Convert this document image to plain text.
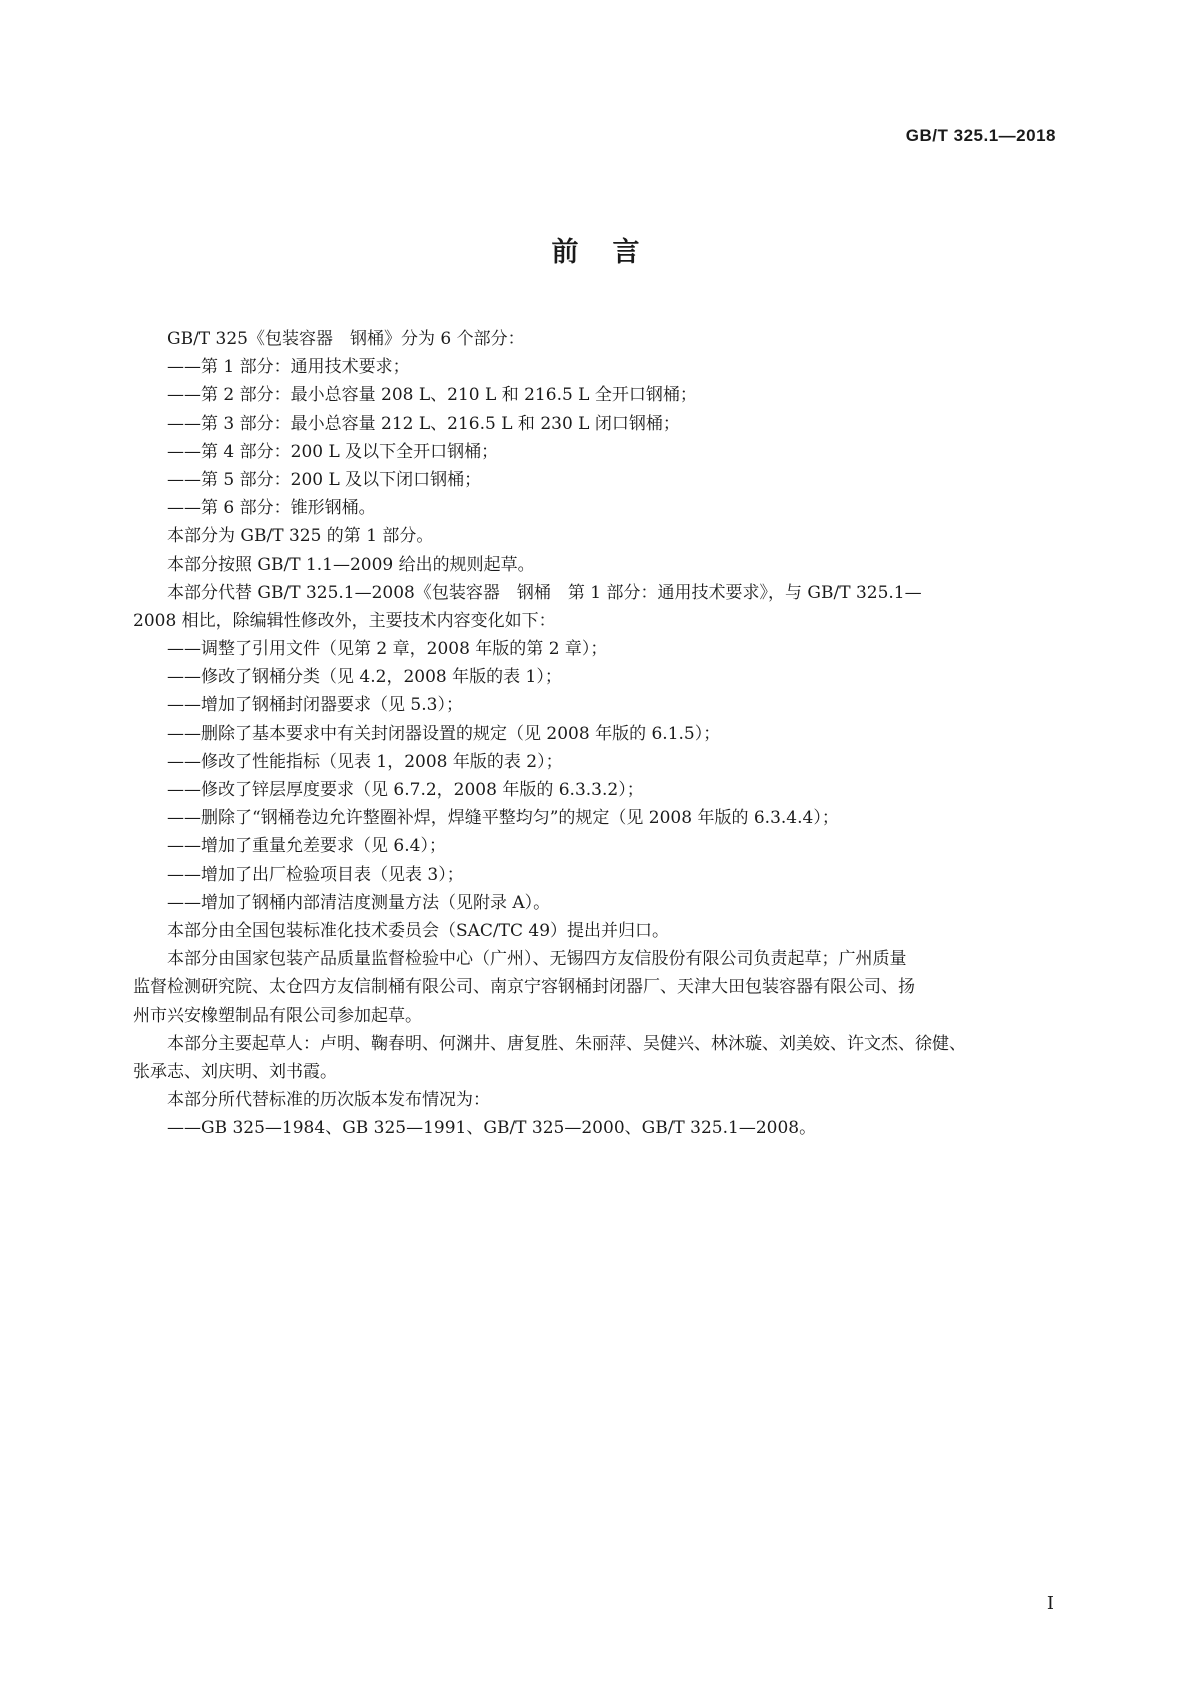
GB/T 325.1—2018
前言

GB/T 325《包装容器　钢桶》分为 6 个部分：

——第 1 部分：通用技术要求；

——第 2 部分：最小总容量 208 L、210 L 和 216.5 L 全开口钢桶；

——第 3 部分：最小总容量 212 L、216.5 L 和 230 L 闭口钢桶；

——第 4 部分：200 L 及以下全开口钢桶；

——第 5 部分：200 L 及以下闭口钢桶；

——第 6 部分：锥形钢桶。

本部分为 GB/T 325 的第 1 部分。

本部分按照 GB/T 1.1—2009 给出的规则起草。

本部分代替 GB/T 325.1—2008《包装容器　钢桶　第 1 部分：通用技术要求》，与 GB/T 325.1—

2008 相比，除编辑性修改外，主要技术内容变化如下：

——调整了引用文件（见第 2 章，2008 年版的第 2 章）；

——修改了钢桶分类（见 4.2，2008 年版的表 1）；

——增加了钢桶封闭器要求（见 5.3）；

——删除了基本要求中有关封闭器设置的规定（见 2008 年版的 6.1.5）；

——修改了性能指标（见表 1，2008 年版的表 2）；

——修改了锌层厚度要求（见 6.7.2，2008 年版的 6.3.3.2）；

——删除了“钢桶卷边允许整圈补焊，焊缝平整均匀”的规定（见 2008 年版的 6.3.4.4）；

——增加了重量允差要求（见 6.4）；

——增加了出厂检验项目表（见表 3）；

——增加了钢桶内部清洁度测量方法（见附录 A）。

本部分由全国包装标准化技术委员会（SAC/TC 49）提出并归口。

本部分由国家包装产品质量监督检验中心（广州）、无锡四方友信股份有限公司负责起草；广州质量

监督检测研究院、太仓四方友信制桶有限公司、南京宁容钢桶封闭器厂、天津大田包装容器有限公司、扬

州市兴安橡塑制品有限公司参加起草。

本部分主要起草人：卢明、鞠春明、何渊井、唐复胜、朱丽萍、吴健兴、林沐璇、刘美姣、许文杰、徐健、

张承志、刘庆明、刘书霞。

本部分所代替标准的历次版本发布情况为：

——GB 325—1984、GB 325—1991、GB/T 325—2000、GB/T 325.1—2008。

I
